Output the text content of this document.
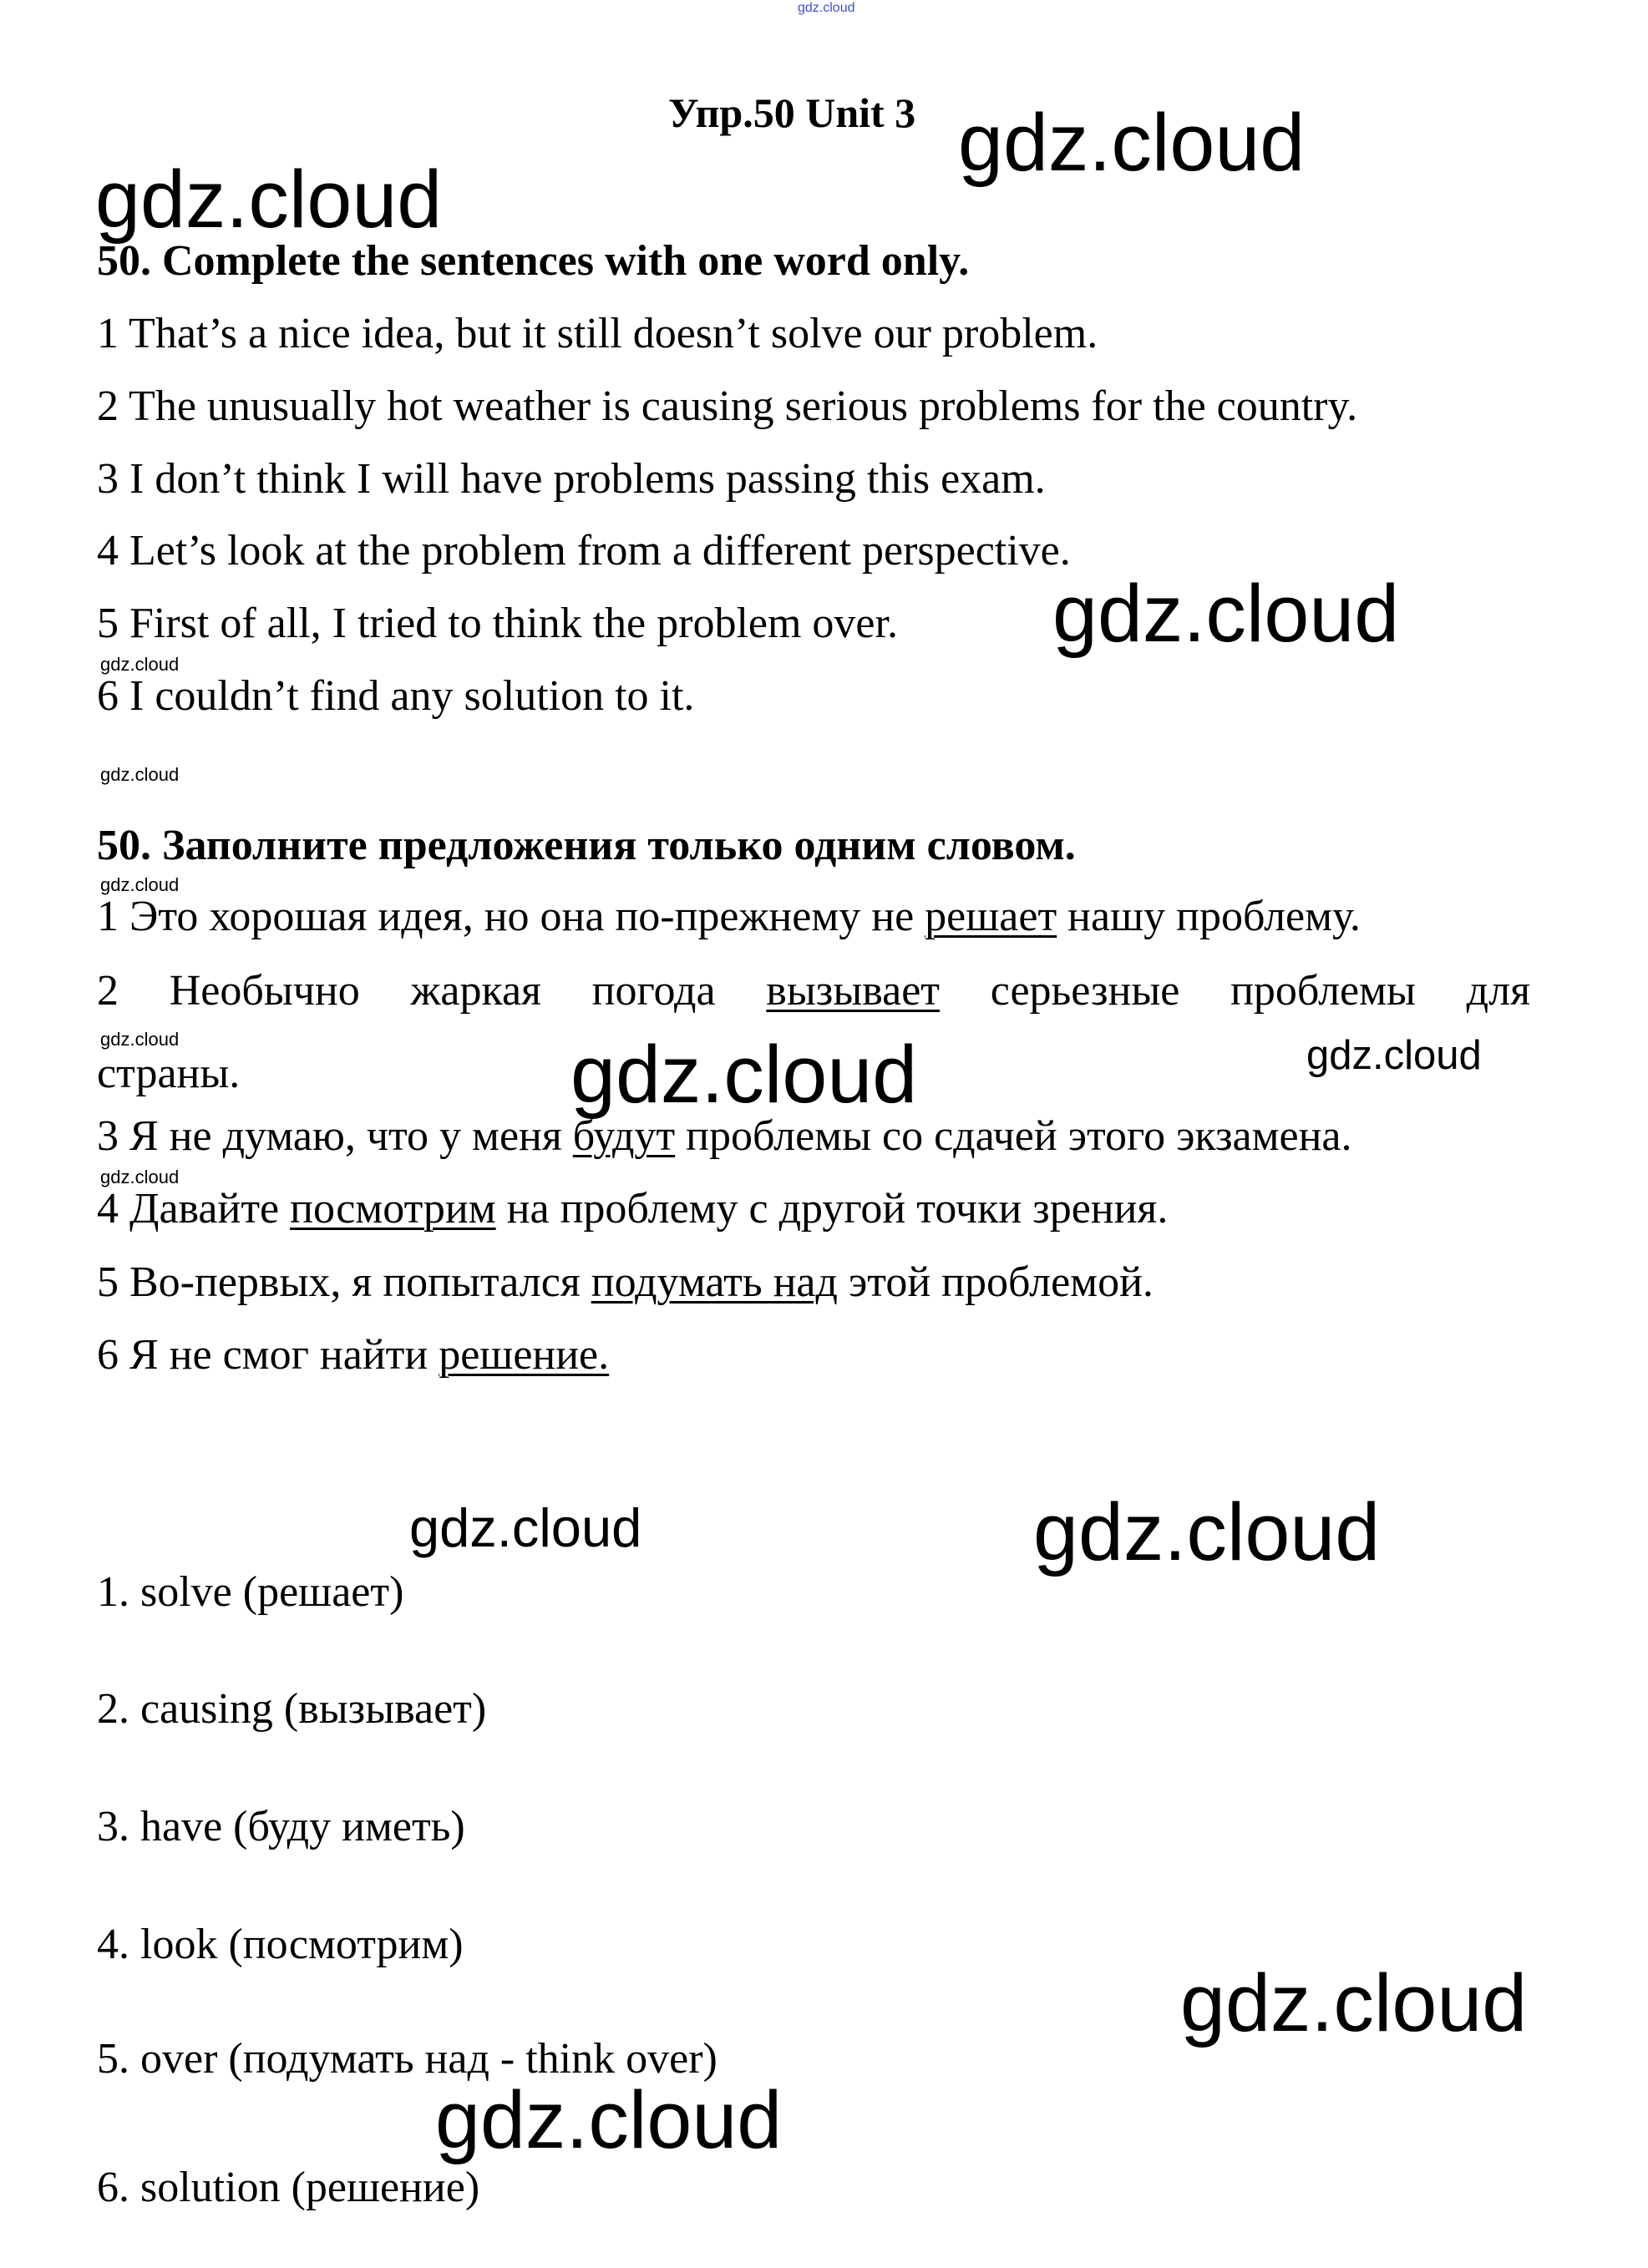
gdz.cloud
Упр.50 Unit 3 gdz.cloud
gdz.cloud
50. Complete the sentences with one word only.
1 That’s a nice idea, but it still doesn’t solve our problem.
2 The unusually hot weather is causing serious problems for the country.
3 I don’t think I will have problems passing this exam.
4 Let’s look at the problem from a different perspective.
5 First of all, I tried to think the problem over. gdz.cloud
gdz.cloud
6 I couldn’t find any solution to it.
gdz.cloud
50. Заполните предложения только одним словом.
gdz.cloud
1 Это хорошая идея, но она по-прежнему не решает нашу проблему.
2 Необычно жаркая погода вызывает серьезные проблемы для
gdz.cloud
страны.	gdz.cloud	gdz.cloud
3 Я не думаю, что у меня будут проблемы со сдачей этого экзамена.
gdz.cloud
4 Давайте посмотрим на проблему с другой точки зрения.
5 Во-первых, я попытался подумать над этой проблемой.
6 Я не смог найти решение.
gdz.cloud	gdz.cloud
1. solve (решает)
2. causing (вызывает)
3. have (буду иметь)
4. look (посмотрим)
gdz.cloud
5. over (подумать над - think over)
gdz.cloud
6. solution (решение)
